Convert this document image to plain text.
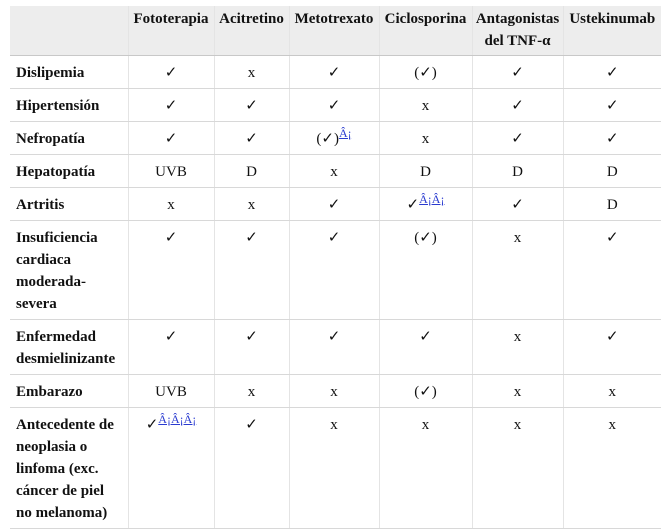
	Fototerapia	Acitretino	Metotrexato	Ciclosporina	Antagonistas del TNF-α	Ustekinumab
Dislipemia	✓	x	✓	(✓)	✓	✓
Hipertensión	✓	✓	✓	x	✓	✓
Nefropatía	✓	✓	(✓)$^{Â¡}$	x	✓	✓
Hepatopatía	UVB	D	x	D	D	D
Artritis	x	x	✓	✓$^{Â¡Â¡}$	✓	D
Insuficiencia cardiaca moderada-severa	✓	✓	✓	(✓)	x	✓
Enfermedad desmielinizante	✓	✓	✓	✓	x	✓
Embarazo	UVB	x	x	(✓)	x	x
Antecedente de neoplasia o linfoma (exc. cáncer de piel no melanoma)	✓$^{Â¡Â¡Â¡}$	✓	x	x	x	x
